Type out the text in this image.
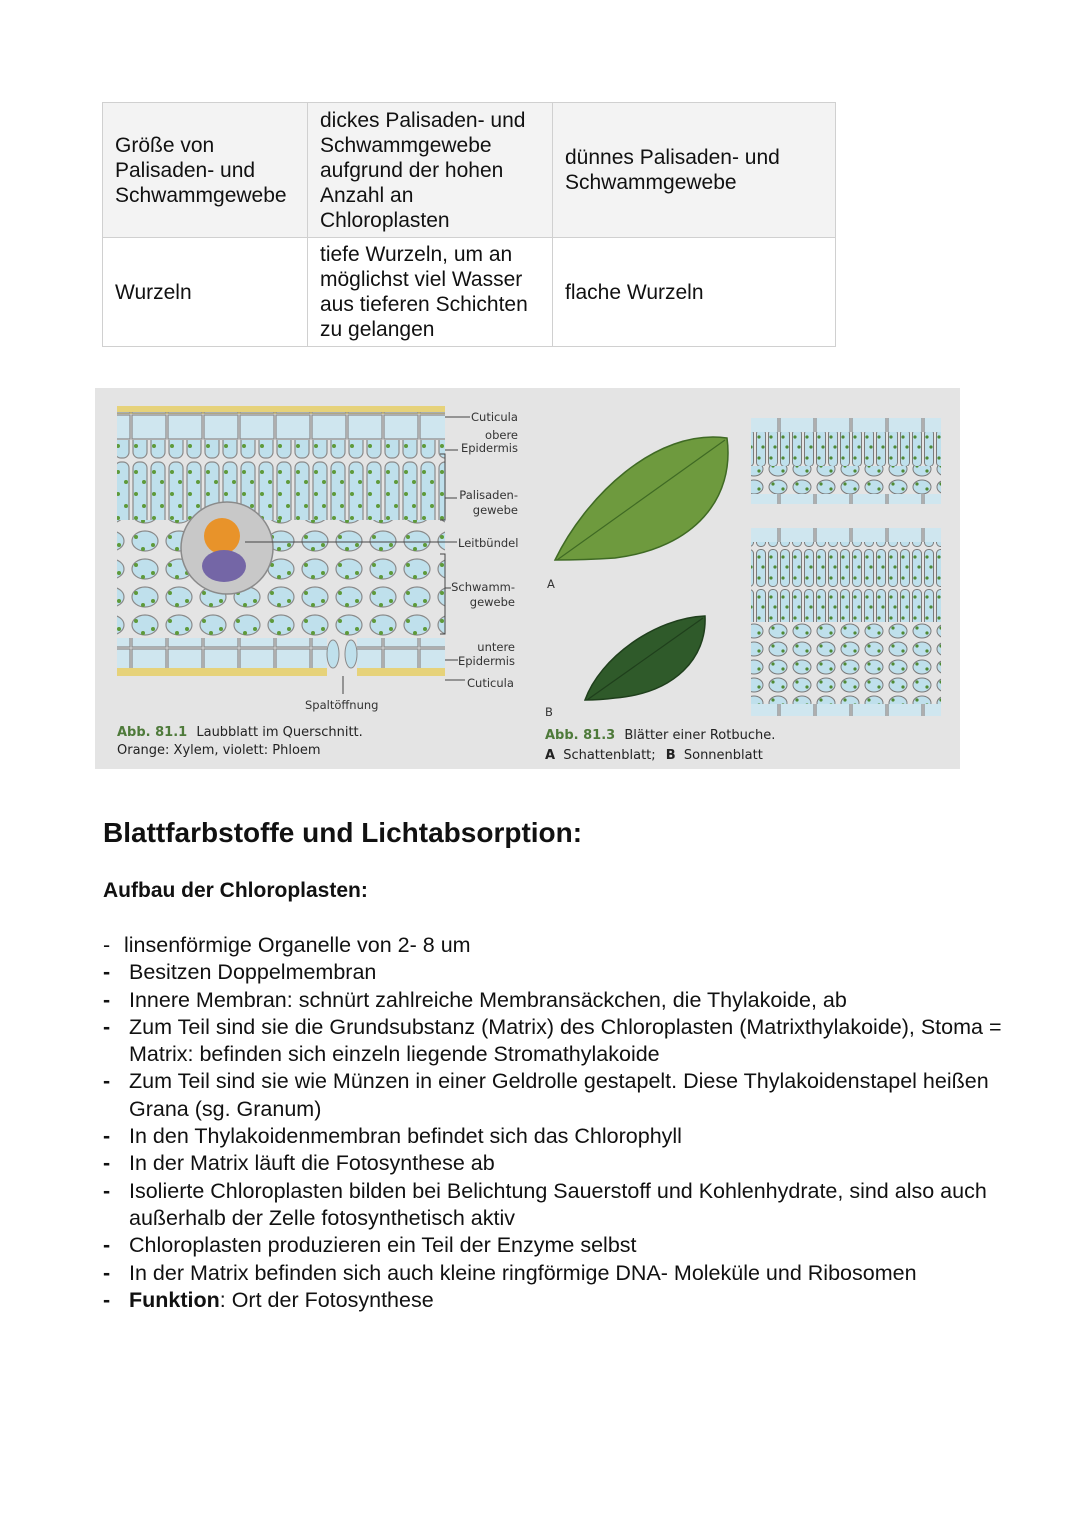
Größe von Palisaden- und Schwammgewebe	dickes Palisaden- und Schwammgewebe aufgrund der hohen Anzahl an Chloroplasten	dünnes Palisaden- und Schwammgewebe
Wurzeln	tiefe Wurzeln, um an möglichst viel Wasser aus tieferen Schichten zu gelangen	flache Wurzeln
Cuticula
obere
Epidermis
Palisaden-
gewebe
Leitbündel
Schwamm-
gewebe
untere
Epidermis
Cuticula
Spaltöffnung
Abb. 81.1 Laubblatt im Querschnitt.
Orange: Xylem, violett: Phloem
A
B
Abb. 81.3 Blätter einer Rotbuche.
A Schattenblatt; B Sonnenblatt
Blattfarbstoffe und Lichtabsorption:
Aufbau der Chloroplasten:
- linsenförmige Organelle von 2- 8 um
- Besitzen Doppelmembran
- Innere Membran: schnürt zahlreiche Membransäckchen, die Thylakoide, ab
- Zum Teil sind sie die Grundsubstanz (Matrix) des Chloroplasten (Matrixthylakoide), Stoma = Matrix: befinden sich einzeln liegende Stromathylakoide
- Zum Teil sind sie wie Münzen in einer Geldrolle gestapelt. Diese Thylakoidenstapel heißen Grana (sg. Granum)
- In den Thylakoidenmembran befindet sich das Chlorophyll
- In der Matrix läuft die Fotosynthese ab
- Isolierte Chloroplasten bilden bei Belichtung Sauerstoff und Kohlenhydrate, sind also auch außerhalb der Zelle fotosynthetisch aktiv
- Chloroplasten produzieren ein Teil der Enzyme selbst
- In der Matrix befinden sich auch kleine ringförmige DNA- Moleküle und Ribosomen
- Funktion: Ort der Fotosynthese
